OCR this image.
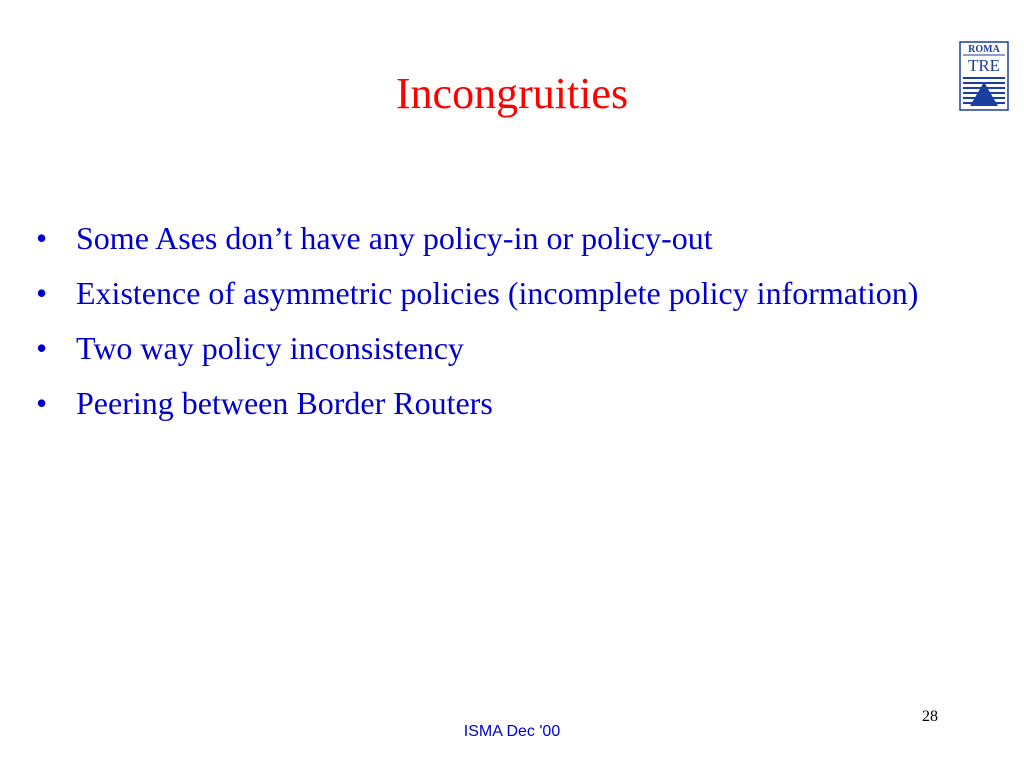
Incongruities
ROMA
TRE
• Some Ases don’t have any policy-in or policy-out
• Existence of asymmetric policies (incomplete policy information)
• Two way policy inconsistency
• Peering between Border Routers
ISMA Dec '00
28
